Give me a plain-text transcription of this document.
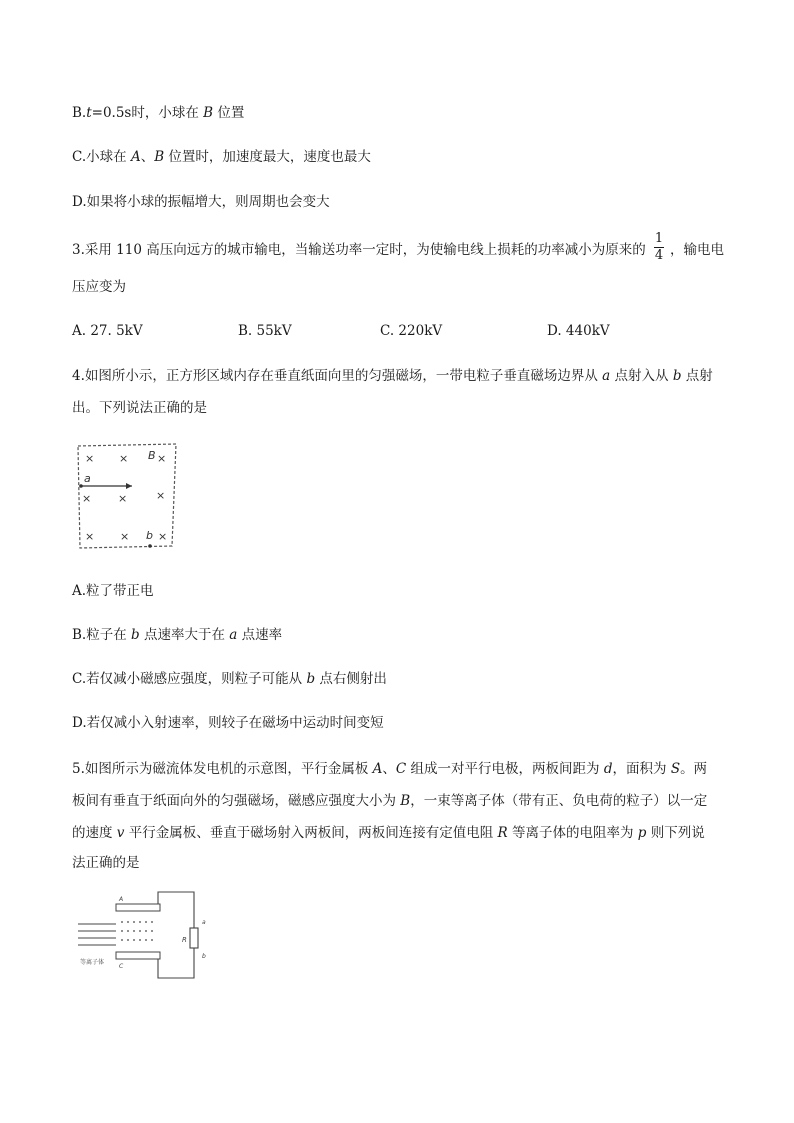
B.t=0.5s时，小球在 B 位置
C.小球在 A、B 位置时，加速度最大，速度也最大
D.如果将小球的振幅增大，则周期也会变大
3.采用 110 高压向远方的城市输电，当输送功率一定时，为使输电线上损耗的功率减小为原来的
1
4 ，输电电
压应变为
A. 27. 5kV	B. 55kV	C. 220kV	D. 440kV
4.如图所小示，正方形区域内存在垂直纸面向里的匀强磁场，一带电粒子垂直磁场边界从 a 点射入从 b 点射
出。下列说法正确的是
× × B ×
a
× ×	×
× × b ×
A.粒了带正电
B.粒子在 b 点速率大于在 a 点速率
C.若仅减小磁感应强度，则粒子可能从 b 点右侧射出
D.若仅减小入射速率，则较子在磁场中运动时间变短
5.如图所示为磁流体发电机的示意图，平行金属板 A、C 组成一对平行电极，两板间距为 d，面积为 S。两
板间有垂直于纸面向外的匀强磁场，磁感应强度大小为 B，一束等离子体（带有正、负电荷的粒子）以一定
的速度 v 平行金属板、垂直于磁场射入两板间，两板间连接有定值电阻 R 等离子体的电阻率为 p 则下列说
法正确的是
R
a
b
A
C
等离子体
